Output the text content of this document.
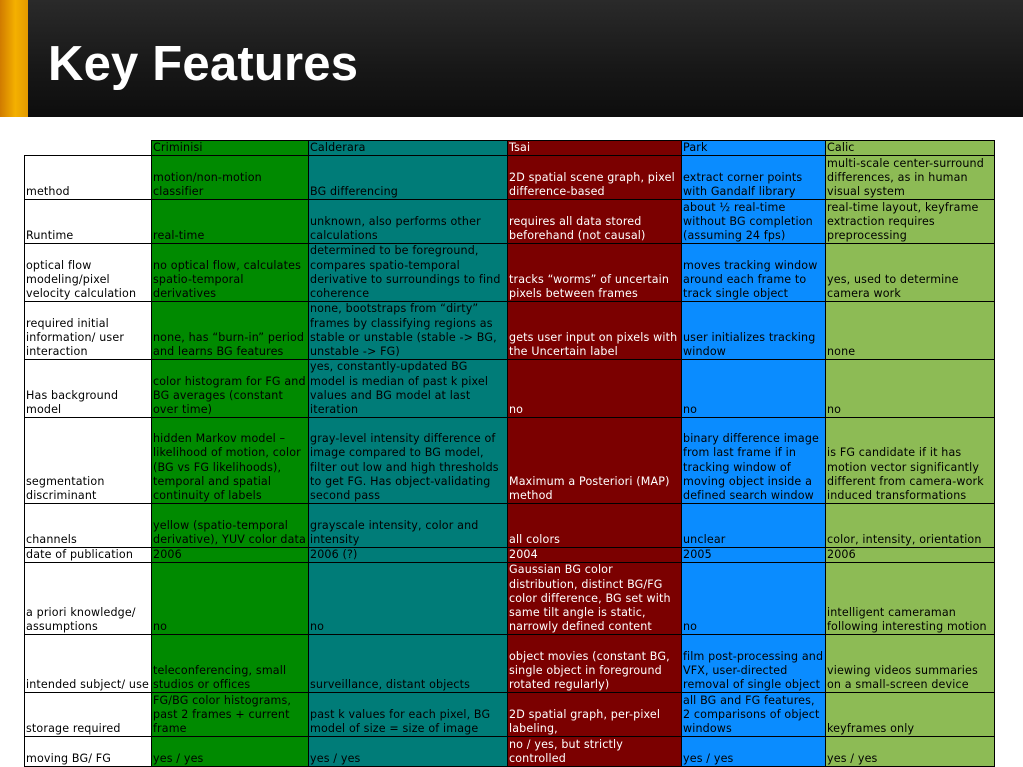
Key Features
	Criminisi	Calderara	Tsai	Park	Calic
method	motion/non-motion classifier	BG differencing	2D spatial scene graph, pixel difference-based	extract corner points with Gandalf library	multi-scale center-surround differences, as in human visual system
Runtime	real-time	unknown, also performs other calculations	requires all data stored beforehand (not causal)	about ½ real-time without BG completion (assuming 24 fps)	real-time layout, keyframe extraction requires preprocessing
optical flow modeling/pixel velocity calculation	no optical flow, calculates spatio-temporal derivatives	determined to be foreground, compares spatio-temporal derivative to surroundings to find coherence	tracks “worms” of uncertain pixels between frames	moves tracking window around each frame to track single object	yes, used to determine camera work
required initial information/ user interaction	none, has “burn-in” period and learns BG features	none, bootstraps from “dirty” frames by classifying regions as stable or unstable (stable -> BG, unstable -> FG)	gets user input on pixels with the Uncertain label	user initializes tracking window	none
Has background model	color histogram for FG and BG averages (constant over time)	yes, constantly-updated BG model is median of past k pixel values and BG model at last iteration	no	no	no
segmentation discriminant	hidden Markov model – likelihood of motion, color (BG vs FG likelihoods), temporal and spatial continuity of labels	gray-level intensity difference of image compared to BG model, filter out low and high thresholds to get FG. Has object-validating second pass	Maximum a Posteriori (MAP) method	binary difference image from last frame if in tracking window of moving object inside a defined search window	is FG candidate if it has motion vector significantly different from camera-work induced transformations
channels	yellow (spatio-temporal derivative), YUV color data	grayscale intensity, color and intensity	all colors	unclear	color, intensity, orientation
date of publication	2006	2006 (?)	2004	2005	2006
a priori knowledge/ assumptions	no	no	Gaussian BG color distribution, distinct BG/FG color difference, BG set with same tilt angle is static, narrowly defined content	no	intelligent cameraman following interesting motion
intended subject/ use	teleconferencing, small studios or offices	surveillance, distant objects	object movies (constant BG, single object in foreground rotated regularly)	film post-processing and VFX, user-directed removal of single object	viewing videos summaries on a small-screen device
storage required	FG/BG color histograms, past 2 frames + current frame	past k values for each pixel, BG model of size = size of image	2D spatial graph, per-pixel labeling,	all BG and FG features, 2 comparisons of object windows	keyframes only
moving BG/ FG	yes / yes	yes / yes	no / yes, but strictly controlled	yes / yes	yes / yes
